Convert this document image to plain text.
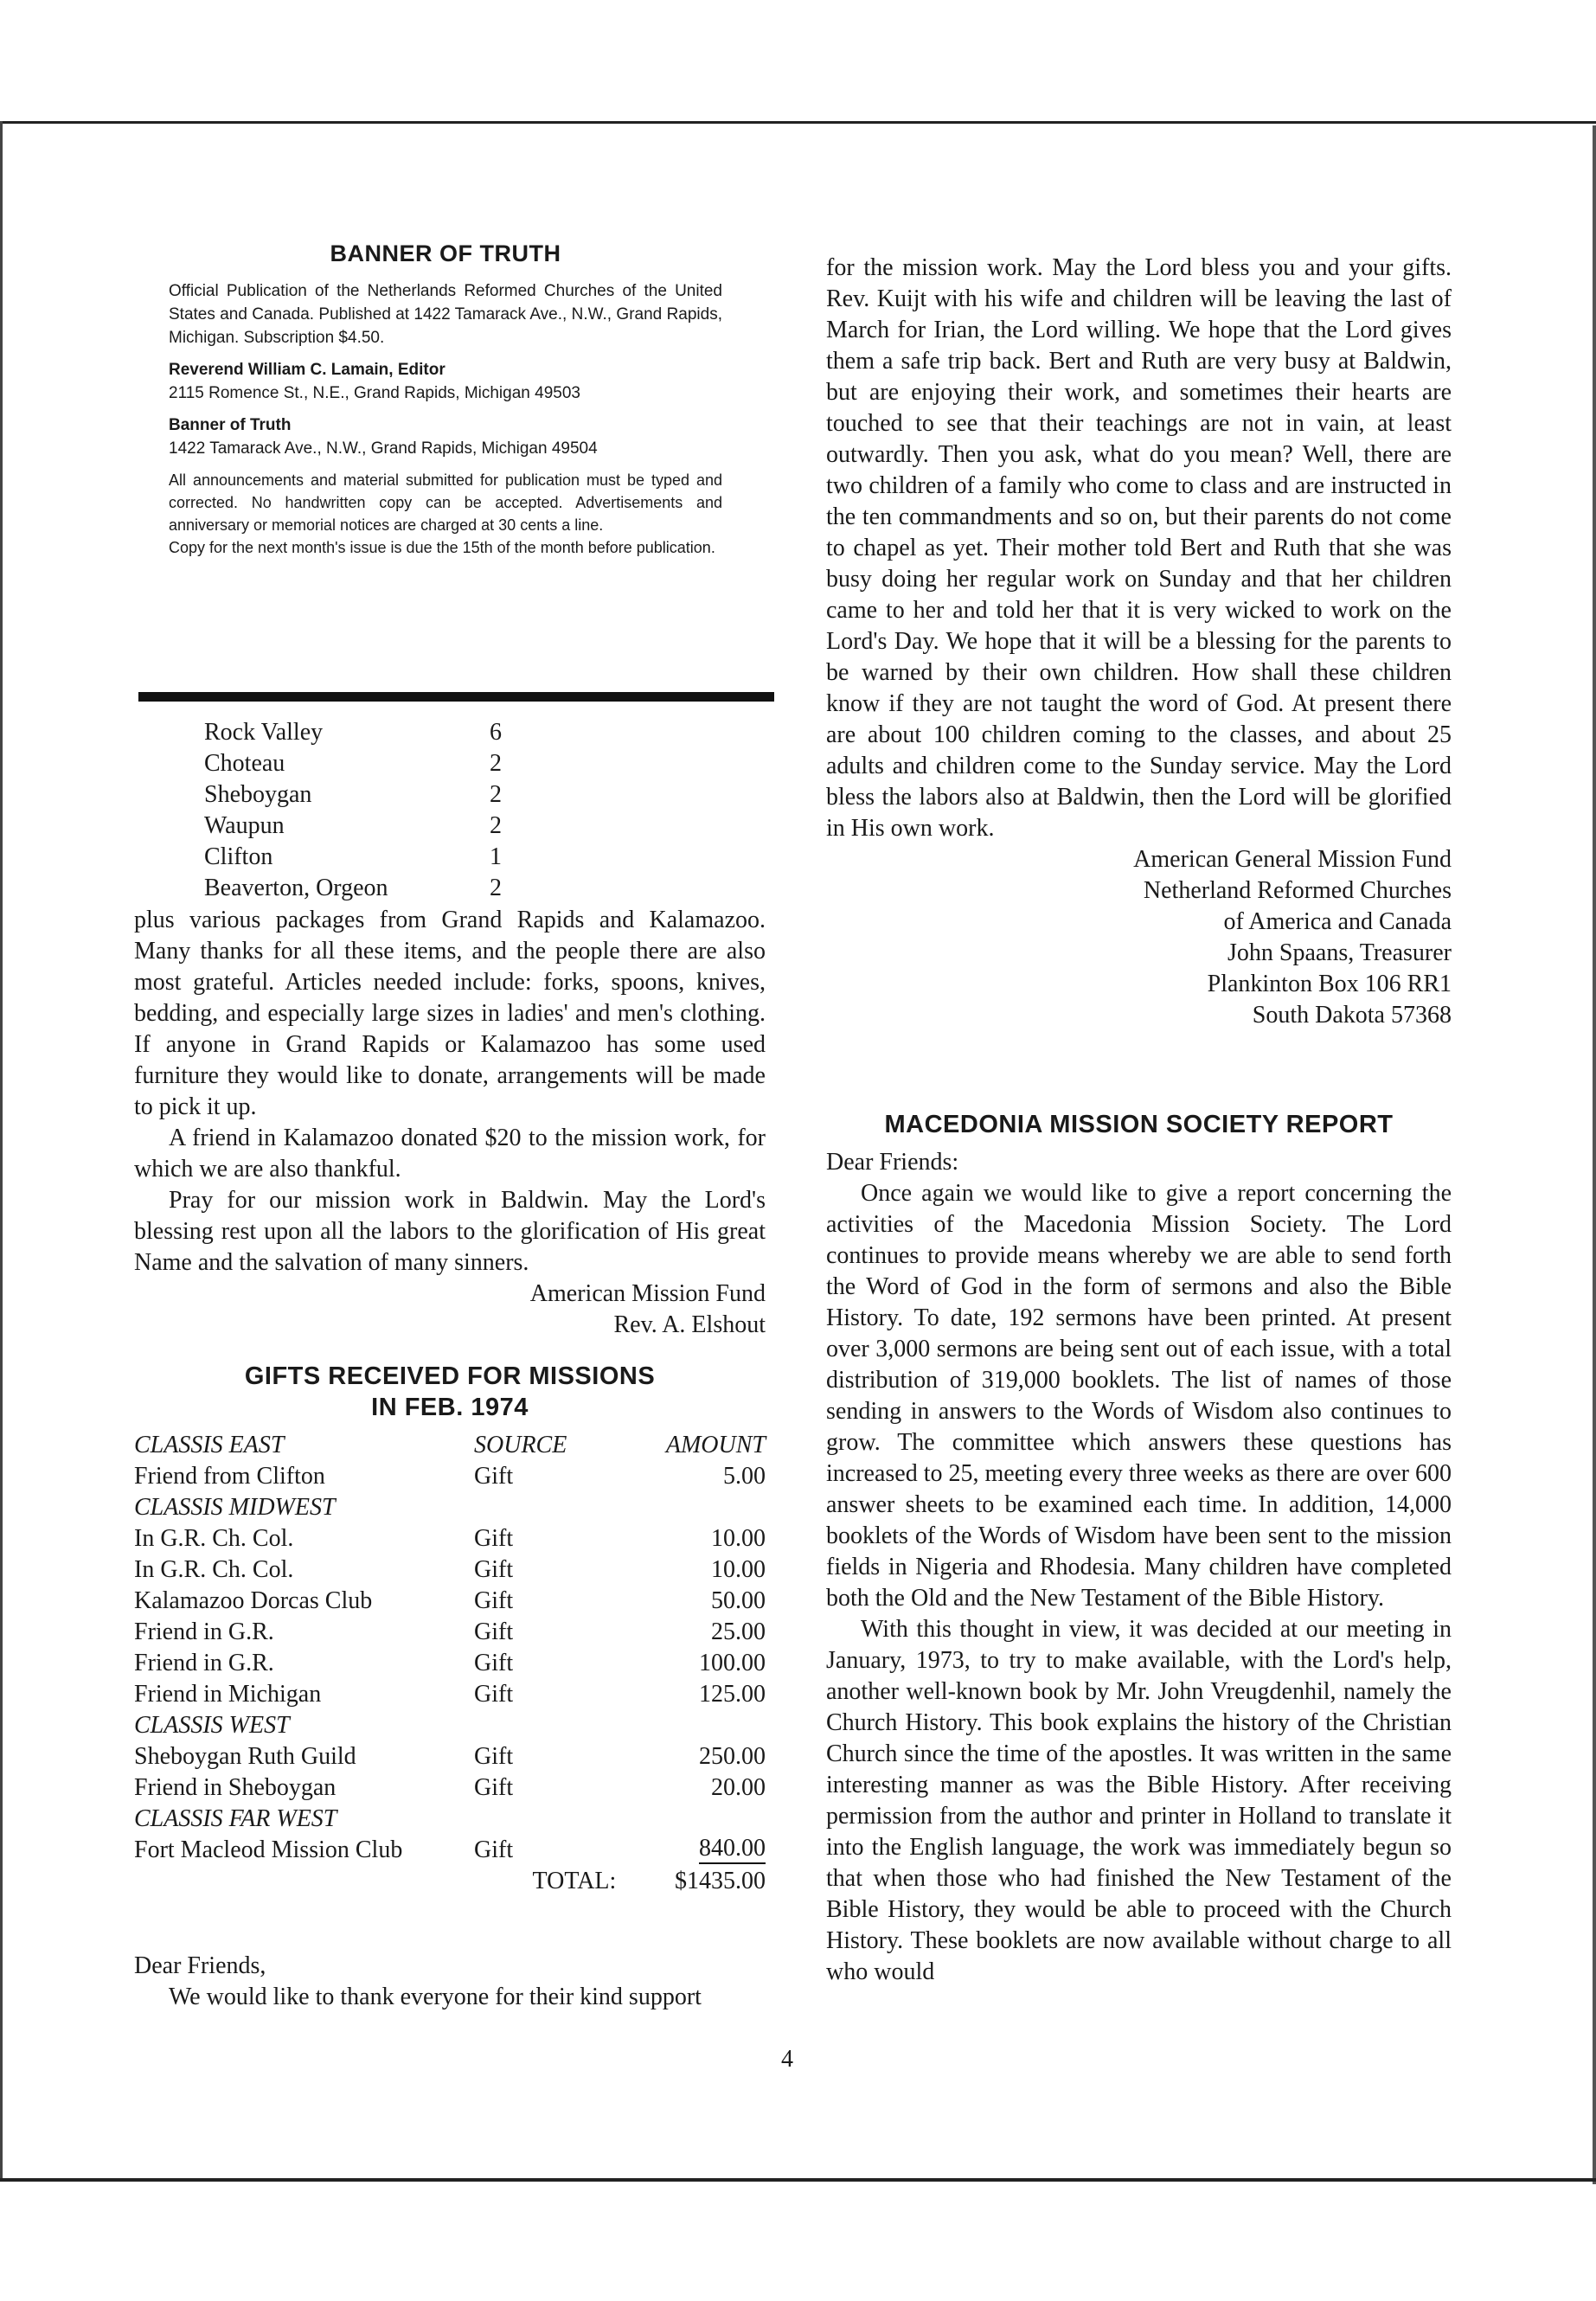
BANNER OF TRUTH

Official Publication of the Netherlands Reformed Churches of the United States and Canada. Published at 1422 Tamarack Ave., N.W., Grand Rapids, Michigan. Subscription $4.50.

Reverend William C. Lamain, Editor
2115 Romence St., N.E., Grand Rapids, Michigan 49503

Banner of Truth
1422 Tamarack Ave., N.W., Grand Rapids, Michigan 49504

All announcements and material submitted for publication must be typed and corrected. No handwritten copy can be accepted. Advertisements and anniversary or memorial notices are charged at 30 cents a line.

Copy for the next month's issue is due the 15th of the month before publication.

Rock Valley	6
Choteau	2
Sheboygan	2
Waupun	2
Clifton	1
Beaverton, Orgeon	2

plus various packages from Grand Rapids and Kalamazoo. Many thanks for all these items, and the people there are also most grateful. Articles needed include: forks, spoons, knives, bedding, and especially large sizes in ladies' and men's clothing. If anyone in Grand Rapids or Kalamazoo has some used furniture they would like to donate, arrangements will be made to pick it up.

A friend in Kalamazoo donated $20 to the mission work, for which we are also thankful.

Pray for our mission work in Baldwin. May the Lord's blessing rest upon all the labors to the glorification of His great Name and the salvation of many sinners.

American Mission Fund

Rev. A. Elshout

GIFTS RECEIVED FOR MISSIONS
IN FEB. 1974
CLASSIS EAST	SOURCE	AMOUNT
Friend from Clifton	Gift	5.00
CLASSIS MIDWEST		
In G.R. Ch. Col.	Gift	10.00
In G.R. Ch. Col.	Gift	10.00
Kalamazoo Dorcas Club	Gift	50.00
Friend in G.R.	Gift	25.00
Friend in G.R.	Gift	100.00
Friend in Michigan	Gift	125.00
CLASSIS WEST		
Sheboygan Ruth Guild	Gift	250.00
Friend in Sheboygan	Gift	20.00
CLASSIS FAR WEST		
Fort Macleod Mission Club	Gift	840.00
	TOTAL:	$1435.00

Dear Friends,

We would like to thank everyone for their kind support

for the mission work. May the Lord bless you and your gifts. Rev. Kuijt with his wife and children will be leaving the last of March for Irian, the Lord willing. We hope that the Lord gives them a safe trip back. Bert and Ruth are very busy at Baldwin, but are enjoying their work, and sometimes their hearts are touched to see that their teachings are not in vain, at least outwardly. Then you ask, what do you mean? Well, there are two children of a family who come to class and are instructed in the ten commandments and so on, but their parents do not come to chapel as yet. Their mother told Bert and Ruth that she was busy doing her regular work on Sunday and that her children came to her and told her that it is very wicked to work on the Lord's Day. We hope that it will be a blessing for the parents to be warned by their own children. How shall these children know if they are not taught the word of God. At present there are about 100 children coming to the classes, and about 25 adults and children come to the Sunday service. May the Lord bless the labors also at Baldwin, then the Lord will be glorified in His own work.

American General Mission Fund

Netherland Reformed Churches

of America and Canada

John Spaans, Treasurer

Plankinton Box 106 RR1

South Dakota 57368

MACEDONIA MISSION SOCIETY REPORT

Dear Friends:

Once again we would like to give a report concerning the activities of the Macedonia Mission Society. The Lord continues to provide means whereby we are able to send forth the Word of God in the form of sermons and also the Bible History. To date, 192 sermons have been printed. At present over 3,000 sermons are being sent out of each issue, with a total distribution of 319,000 booklets. The list of names of those sending in answers to the Words of Wisdom also continues to grow. The committee which answers these questions has increased to 25, meeting every three weeks as there are over 600 answer sheets to be examined each time. In addition, 14,000 booklets of the Words of Wisdom have been sent to the mission fields in Nigeria and Rhodesia. Many children have completed both the Old and the New Testament of the Bible History.

With this thought in view, it was decided at our meeting in January, 1973, to try to make available, with the Lord's help, another well-known book by Mr. John Vreugdenhil, namely the Church History. This book explains the history of the Christian Church since the time of the apostles. It was written in the same interesting manner as was the Bible History. After receiving permission from the author and printer in Holland to translate it into the English language, the work was immediately begun so that when those who had finished the New Testament of the Bible History, they would be able to proceed with the Church History. These booklets are now available without charge to all who would

4
